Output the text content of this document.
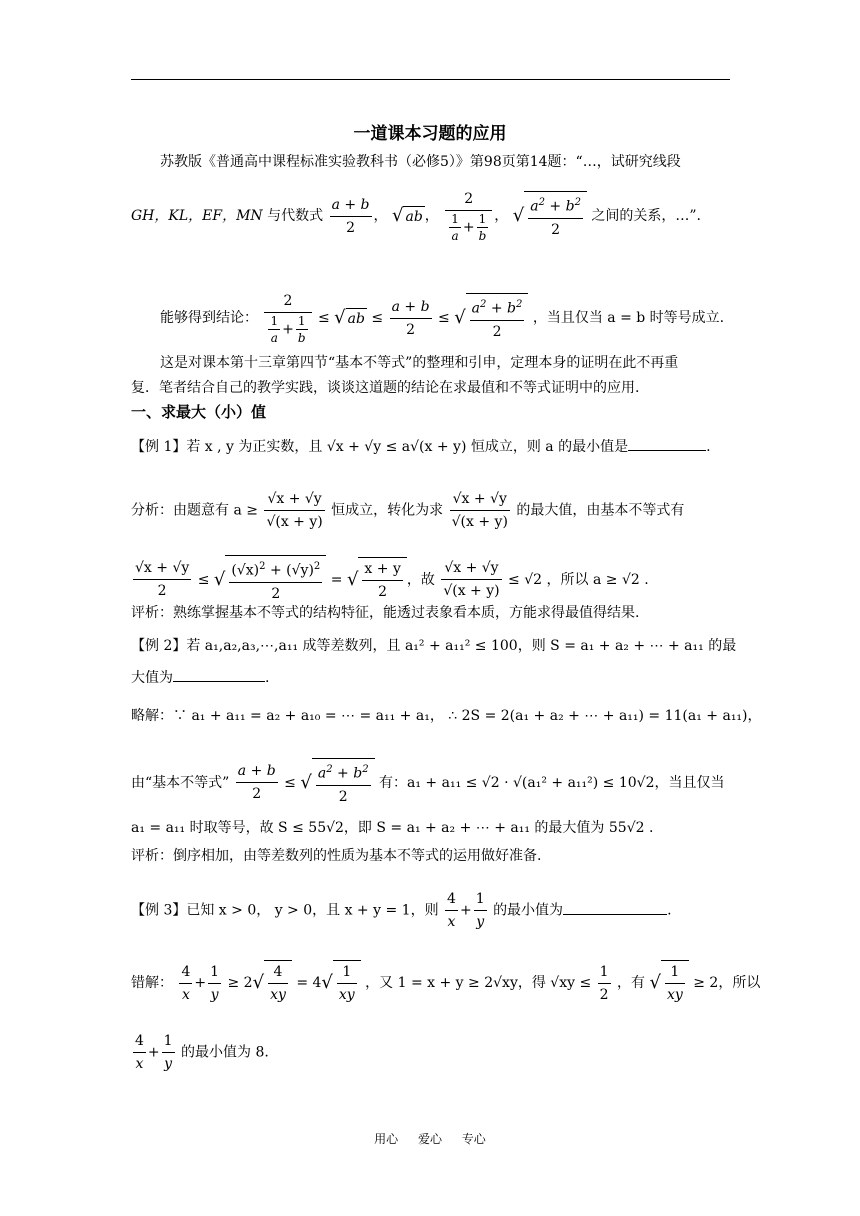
一道课本习题的应用
苏教版《普通高中课程标准实验教科书（必修5）》第98页第14题：“…，试研究线段
GH，KL，EF，MN 与代数式 $\frac{a + b}{2}$ ， √ ab ， $\frac{2}{\frac{1}{a} + \frac{1}{b}}$ ， √ $\frac{a^2 + b^2}{2}$ 之间的关系，…”.
能够得到结论： $\frac{2}{\frac{1}{a} + \frac{1}{b}}$ ≤ √ ab ≤ $\frac{a + b}{2}$ ≤ √ $\frac{a^2 + b^2}{2}$ ，当且仅当 a = b 时等号成立.
这是对课本第十三章第四节“基本不等式”的整理和引申，定理本身的证明在此不再重
复．笔者结合自己的教学实践，谈谈这道题的结论在求最值和不等式证明中的应用.
一、求最大（小）值
【例 1】若 x , y 为正实数，且 √x + √y ≤ a√(x + y) 恒成立，则 a 的最小值是	.
分析：由题意有 $a \ge \frac{√x + √y}{√(x + y)}$ 恒成立，转化为求 $\frac{√x + √y}{√(x + y)}$ 的最大值，由基本不等式有
$\frac{√x + √y}{2}$ ≤ √ $\frac{(√x)^2 + (√y)^2}{2}$ = √ $\frac{x + y}{2}$ ，故 $\frac{√x + √y}{√(x + y)} \le √2$ ，所以 a ≥ √2 .
评析：熟练掌握基本不等式的结构特征，能透过表象看本质，方能求得最值得结果.
【例 2】若 a₁,a₂,a₃,⋯,a₁₁ 成等差数列，且 a₁² + a₁₁² ≤ 100，则 S = a₁ + a₂ + ⋯ + a₁₁ 的最
大值为	.
略解：∵ a₁ + a₁₁ = a₂ + a₁₀ = ⋯ = a₁₁ + a₁， ∴ 2S = 2(a₁ + a₂ + ⋯ + a₁₁) = 11(a₁ + a₁₁)，
由“基本不等式” $\frac{a + b}{2}$ ≤ √ $\frac{a^2 + b^2}{2}$ 有：a₁ + a₁₁ ≤ √2 · √(a₁² + a₁₁²) ≤ 10√2，当且仅当
a₁ = a₁₁ 时取等号，故 S ≤ 55√2，即 S = a₁ + a₂ + ⋯ + a₁₁ 的最大值为 55√2 .
评析：倒序相加，由等差数列的性质为基本不等式的运用做好准备.
【例 3】已知 x > 0， y > 0，且 x + y = 1，则 $\frac{4}{x} + \frac{1}{y}$ 的最小值为	.
错解： $\frac{4}{x} + \frac{1}{y} \ge 2√ \frac{4}{xy} = 4√ \frac{1}{xy}$ ，又 1 = x + y ≥ 2√xy，得 $√xy \le \frac{1}{2}$ ，有 √ $\frac{1}{xy} \ge 2$，所以
$\frac{4}{x} + \frac{1}{y}$ 的最小值为 8.
用心 爱心 专心
